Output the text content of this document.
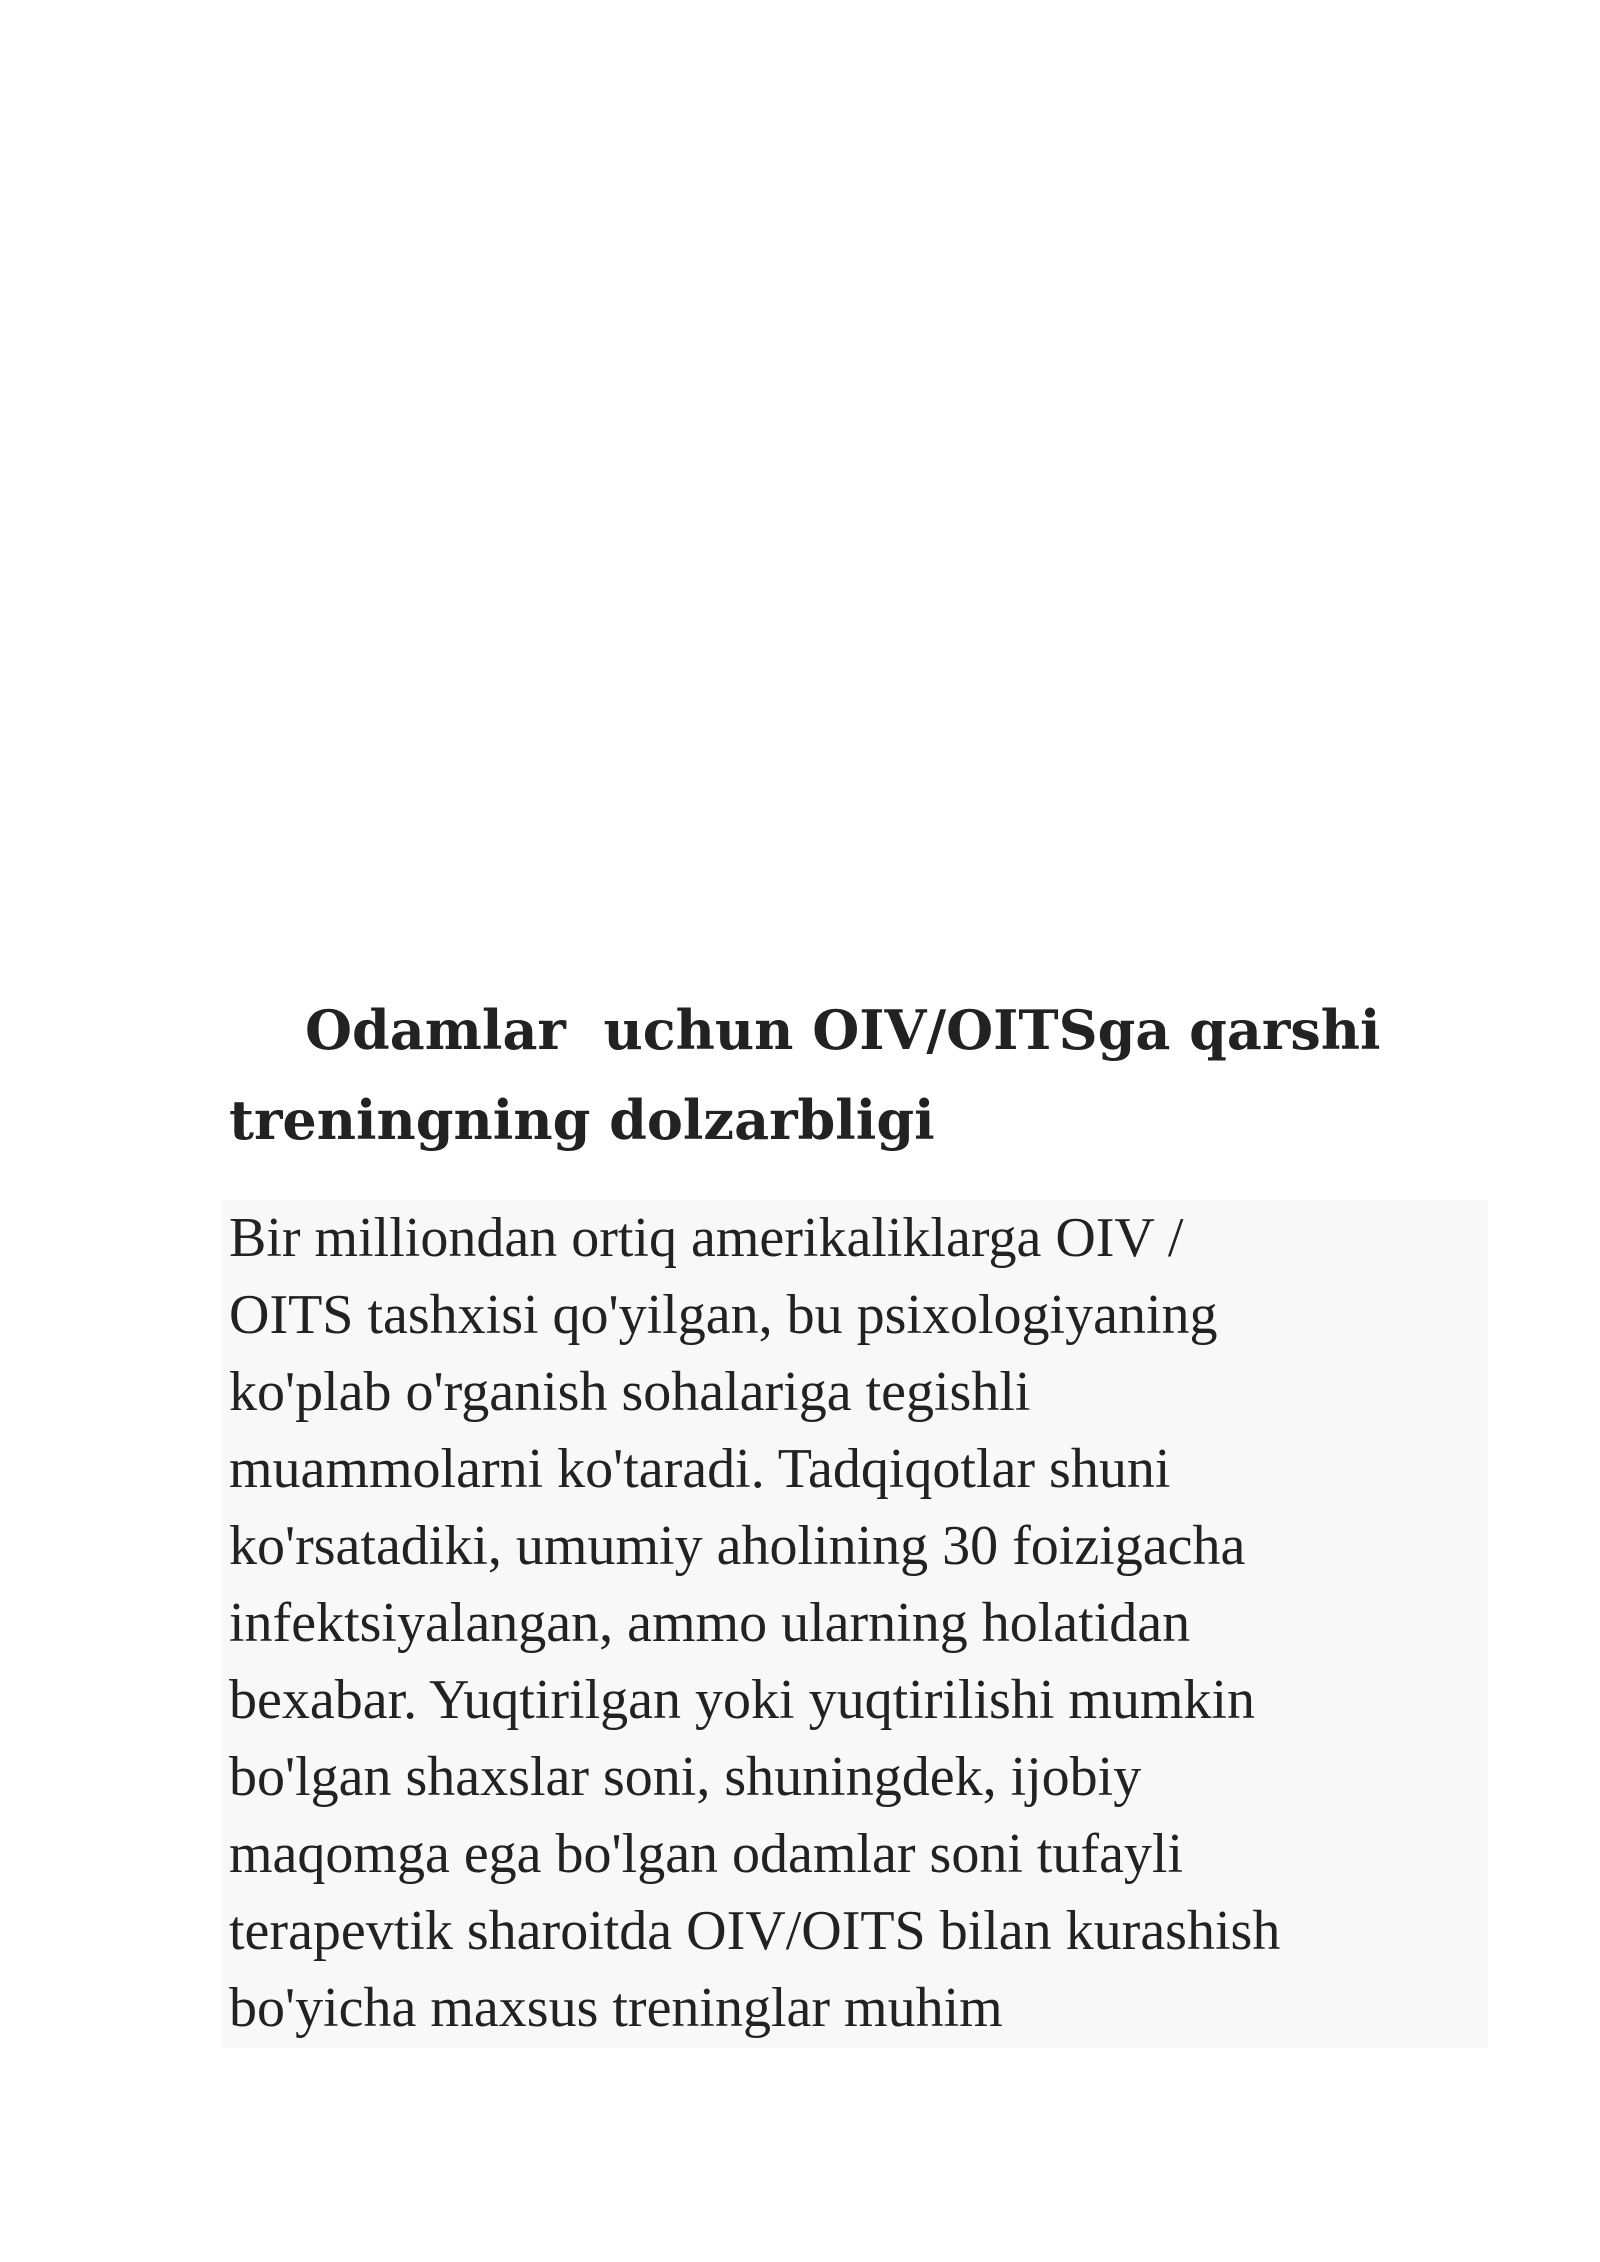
Odamlar  uchun OIV/OITSga qarshi
treningning dolzarbligi
Bir milliondan ortiq amerikaliklarga OIV /
OITS tashxisi qo'yilgan, bu psixologiyaning
ko'plab o'rganish sohalariga tegishli
muammolarni ko'taradi. Tadqiqotlar shuni
ko'rsatadiki, umumiy aholining 30 foizigacha
infektsiyalangan, ammo ularning holatidan
bexabar. Yuqtirilgan yoki yuqtirilishi mumkin
bo'lgan shaxslar soni, shuningdek, ijobiy
maqomga ega bo'lgan odamlar soni tufayli
terapevtik sharoitda OIV/OITS bilan kurashish
bo'yicha maxsus treninglar muhim
